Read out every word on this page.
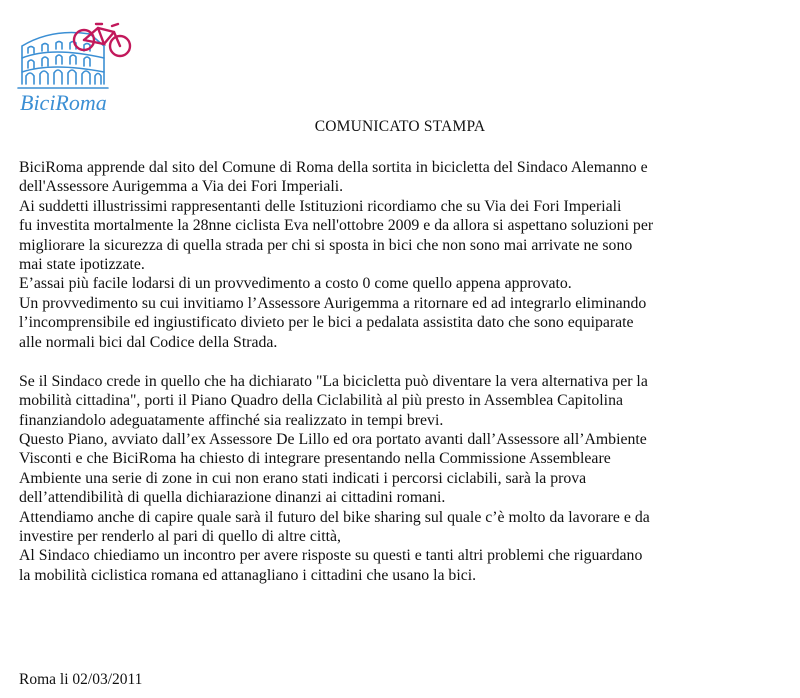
BiciRoma
COMUNICATO STAMPA
BiciRoma apprende dal sito del Comune di Roma della sortita in bicicletta del Sindaco Alemanno e
dell'Assessore Aurigemma a Via dei Fori Imperiali.
Ai suddetti illustrissimi rappresentanti delle Istituzioni ricordiamo che su Via dei Fori Imperiali
fu investita mortalmente la 28nne ciclista Eva nell'ottobre 2009 e da allora si aspettano soluzioni per
migliorare la sicurezza di quella strada per chi si sposta in bici che non sono mai arrivate ne sono
mai state ipotizzate.
E’assai più facile lodarsi di un provvedimento a costo 0 come quello appena approvato.
Un provvedimento su cui invitiamo l’Assessore Aurigemma a ritornare ed ad integrarlo eliminando
l’incomprensibile ed ingiustificato divieto per le bici a pedalata assistita dato che sono equiparate
alle normali bici dal Codice della Strada.
Se il Sindaco crede in quello che ha dichiarato "La bicicletta può diventare la vera alternativa per la
mobilità cittadina", porti il Piano Quadro della Ciclabilità al più presto in Assemblea Capitolina
finanziandolo adeguatamente affinché sia realizzato in tempi brevi.
Questo Piano, avviato dall’ex Assessore De Lillo ed ora portato avanti dall’Assessore all’Ambiente
Visconti e che BiciRoma ha chiesto di integrare presentando nella Commissione Assembleare
Ambiente una serie di zone in cui non erano stati indicati i percorsi ciclabili, sarà la prova
dell’attendibilità di quella dichiarazione dinanzi ai cittadini romani.
Attendiamo anche di capire quale sarà il futuro del bike sharing sul quale c’è molto da lavorare e da
investire per renderlo al pari di quello di altre città,
Al Sindaco chiediamo un incontro per avere risposte su questi e tanti altri problemi che riguardano
la mobilità ciclistica romana ed attanagliano i cittadini che usano la bici.
Roma li 02/03/2011
